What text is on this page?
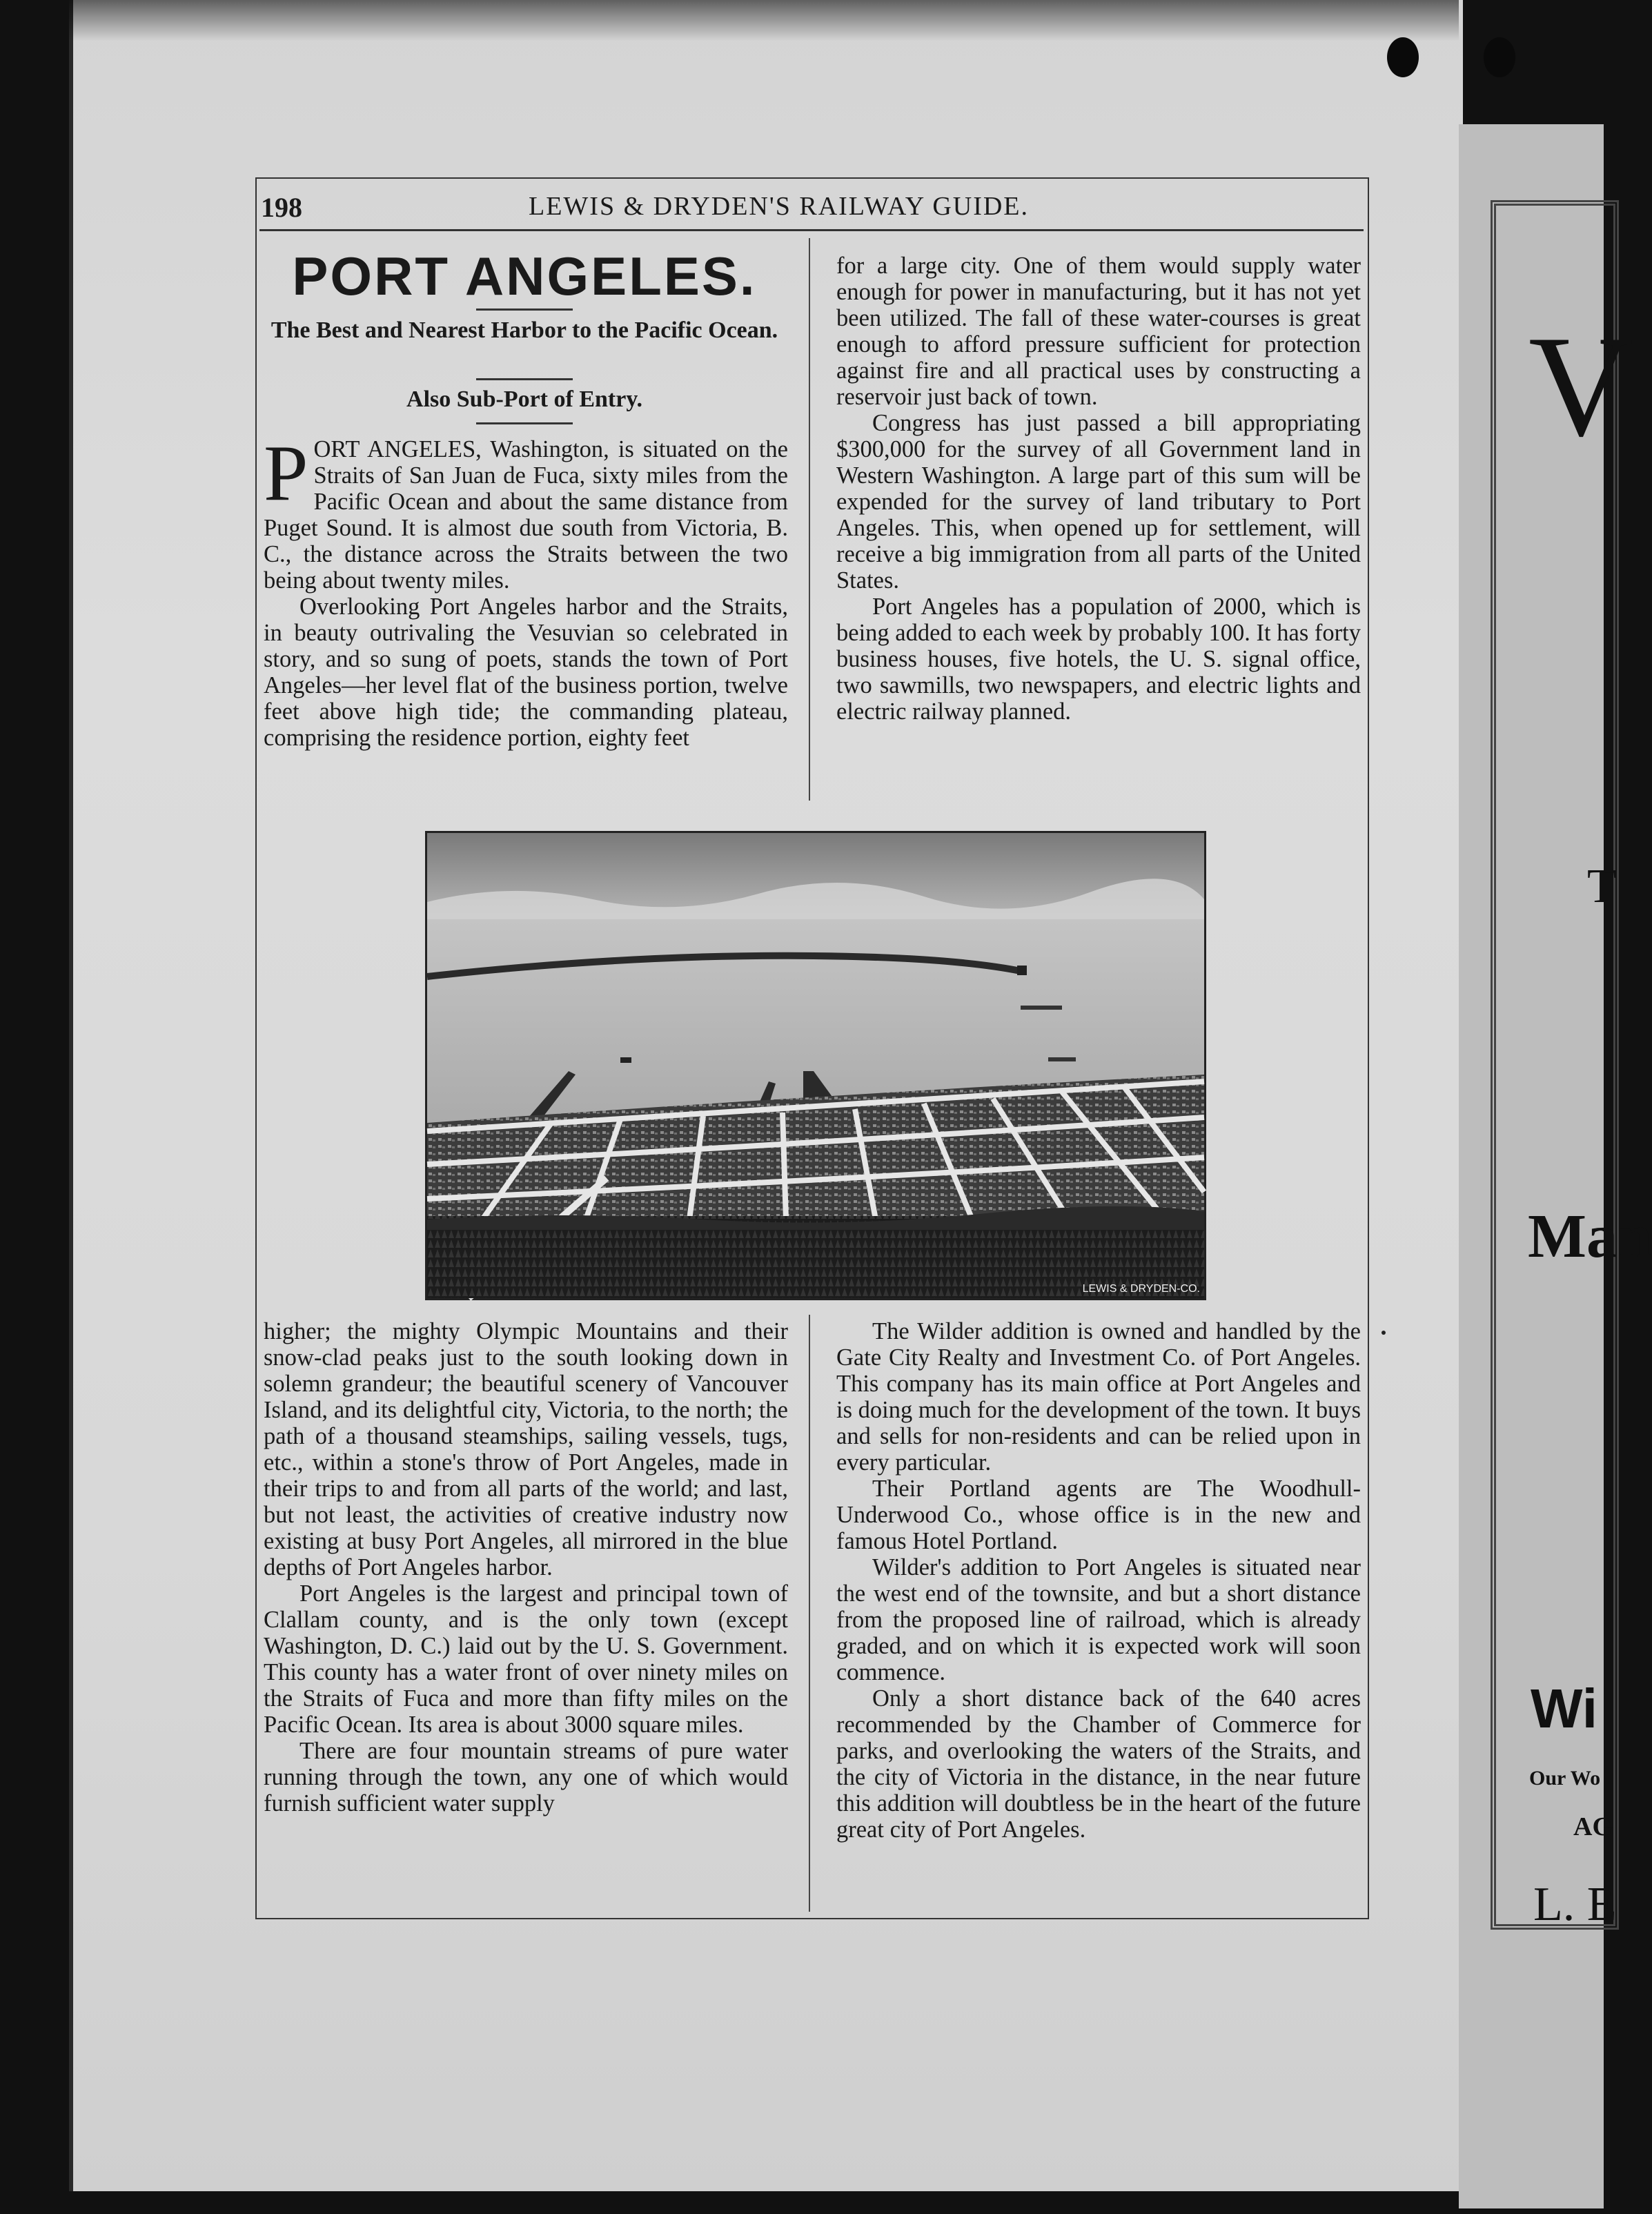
V
T
Man
Wi
Our Wo
AG
L. E
198	LEWIS & DRYDEN'S RAILWAY GUIDE.
PORT ANGELES.
The Best and Nearest Harbor to the Pacific Ocean.
Also Sub-Port of Entry.

PORT ANGELES, Washington, is situated on the Straits of San Juan de Fuca, sixty miles from the Pacific Ocean and about the same distance from Puget Sound. It is almost due south from Victoria, B. C., the distance across the Straits between the two being about twenty miles.

Overlooking Port Angeles harbor and the Straits, in beauty outrivaling the Vesuvian so celebrated in story, and so sung of poets, stands the town of Port Angeles—her level flat of the business portion, twelve feet above high tide; the commanding plateau, comprising the residence portion, eighty feet

for a large city. One of them would supply water enough for power in manufacturing, but it has not yet been utilized. The fall of these water-courses is great enough to afford pressure sufficient for protection against fire and all practical uses by constructing a reservoir just back of town.

Congress has just passed a bill appropriating $300,000 for the survey of all Government land in Western Washington. A large part of this sum will be expended for the survey of land tributary to Port Angeles. This, when opened up for settlement, will receive a big immigration from all parts of the United States.

Port Angeles has a population of 2000, which is being added to each week by probably 100. It has forty business houses, five hotels, the U. S. signal office, two sawmills, two newspapers, and electric lights and electric railway planned.

LEWIS & DRYDEN-CO.

higher; the mighty Olympic Mountains and their snow-clad peaks just to the south looking down in solemn grandeur; the beautiful scenery of Vancouver Island, and its delightful city, Victoria, to the north; the path of a thousand steamships, sailing vessels, tugs, etc., within a stone's throw of Port Angeles, made in their trips to and from all parts of the world; and last, but not least, the activities of creative industry now existing at busy Port Angeles, all mirrored in the blue depths of Port Angeles harbor.

Port Angeles is the largest and principal town of Clallam county, and is the only town (except Washington, D. C.) laid out by the U. S. Government. This county has a water front of over ninety miles on the Straits of Fuca and more than fifty miles on the Pacific Ocean. Its area is about 3000 square miles.

There are four mountain streams of pure water running through the town, any one of which would furnish sufficient water supply

The Wilder addition is owned and handled by the Gate City Realty and Investment Co. of Port Angeles. This company has its main office at Port Angeles and is doing much for the development of the town. It buys and sells for non-residents and can be relied upon in every particular.

Their Portland agents are The Woodhull-Underwood Co., whose office is in the new and famous Hotel Portland.

Wilder's addition to Port Angeles is situated near the west end of the townsite, and but a short distance from the proposed line of railroad, which is already graded, and on which it is expected work will soon commence.

Only a short distance back of the 640 acres recommended by the Chamber of Commerce for parks, and overlooking the waters of the Straits, and the city of Victoria in the distance, in the near future this addition will doubtless be in the heart of the future great city of Port Angeles.
